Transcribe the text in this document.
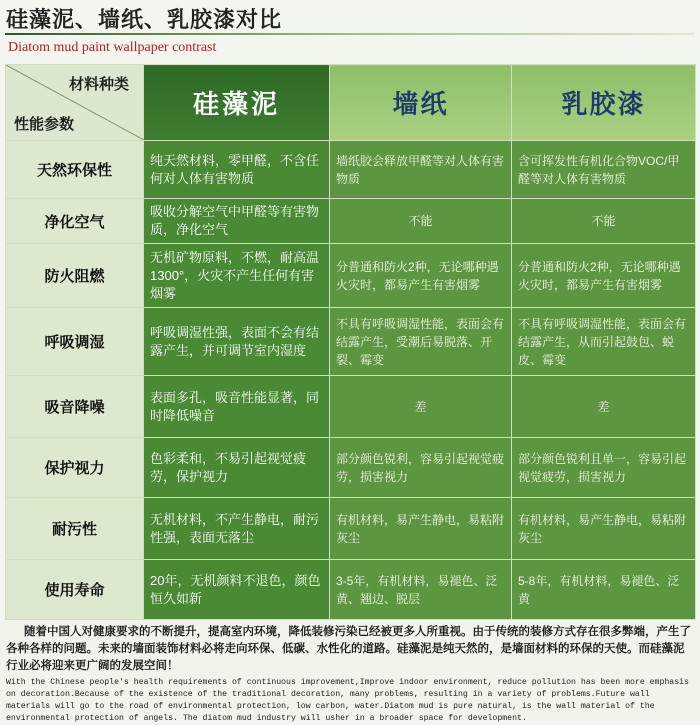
硅藻泥、墙纸、乳胶漆对比
Diatom mud paint wallpaper contrast
材料种类
性能参数	硅藻泥	墙纸	乳胶漆
天然环保性	纯天然材料，零甲醛，不含任何对人体有害物质	墙纸胶会释放甲醛等对人体有害物质	含可挥发性有机化合物VOC/甲醛等对人体有害物质
净化空气	吸收分解空气中甲醛等有害物质，净化空气	不能	不能
防火阻燃	无机矿物原料，不燃，耐高温1300°，火灾不产生任何有害烟雾	分普通和防火2种，无论哪种遇火灾时，都易产生有害烟雾	分普通和防火2种，无论哪种遇火灾时，都易产生有害烟雾
呼吸调湿	呼吸调湿性强，表面不会有结露产生，并可调节室内湿度	不具有呼吸调湿性能，表面会有结露产生，受潮后易脱落、开裂、霉变	不具有呼吸调湿性能，表面会有结露产生，从而引起鼓包、蜕皮、霉变
吸音降噪	表面多孔，吸音性能显著，同时降低噪音	差	差
保护视力	色彩柔和，不易引起视觉疲劳，保护视力	部分颜色锐利，容易引起视觉疲劳，损害视力	部分颜色锐利且单一，容易引起视觉疲劳，损害视力
耐污性	无机材料，不产生静电，耐污性强，表面无落尘	有机材料，易产生静电，易粘附灰尘	有机材料，易产生静电，易粘附灰尘
使用寿命	20年，无机颜料不退色，颜色恒久如新	3-5年，有机材料，易褪色、泛黄、翘边、脱层	5-8年，有机材料，易褪色、泛黄
随着中国人对健康要求的不断提升，提高室内环境，降低装修污染已经被更多人所重视。由于传统的装修方式存在很多弊端，产生了各种各样的问题。未来的墙面装饰材料必将走向环保、低碳、水性化的道路。硅藻泥是纯天然的，是墙面材料的环保的天使。而硅藻泥行业必将迎来更广阔的发展空间！
With the Chinese people's health requirements of continuous improvement,Improve indoor environment, reduce pollution has been more emphasis on decoration.Because of the existence of the traditional decoration, many problems, resulting in a variety of problems.Future wall materials will go to the road of environmental protection, low carbon, water.Diatom mud is pure natural, is the wall material of the environmental protection of angels. The diatom mud industry will usher in a broader space for development.
